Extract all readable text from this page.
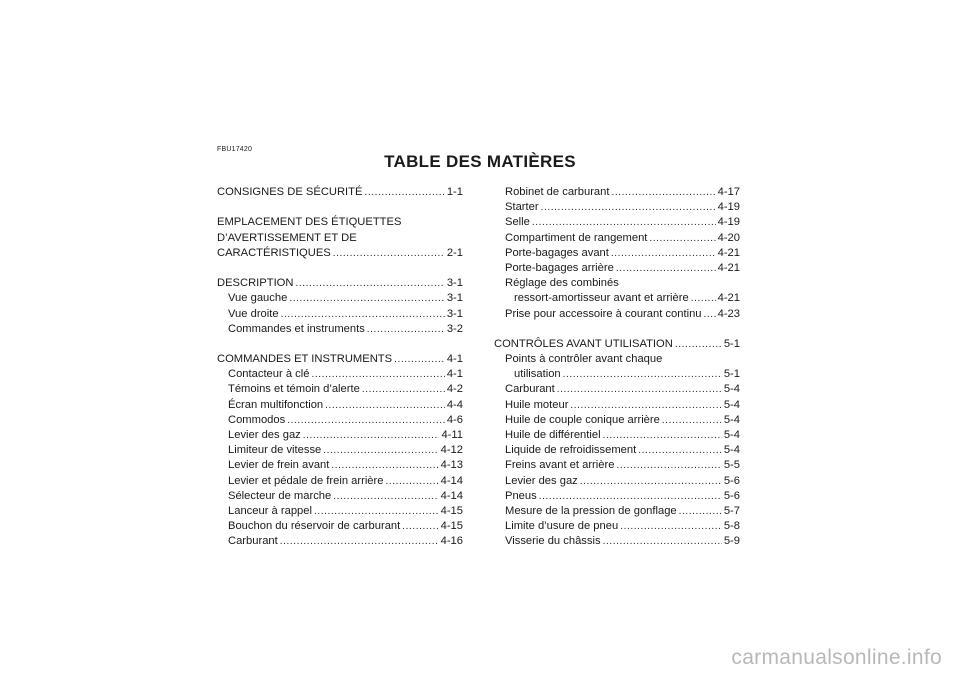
FBU17420
TABLE DES MATIÈRES
CONSIGNES DE SÉCURITÉ .....	1-1
EMPLACEMENT DES ÉTIQUETTES
D’AVERTISSEMENT ET DE
CARACTÉRISTIQUES .....	2-1
DESCRIPTION .....	3-1
Vue gauche .....	3-1
Vue droite .....	3-1
Commandes et instruments .....	3-2
COMMANDES ET INSTRUMENTS .....	4-1
Contacteur à clé .....	4-1
Témoins et témoin d’alerte .....	4-2
Écran multifonction .....	4-4
Commodos .....	4-6
Levier des gaz .....	4-11
Limiteur de vitesse .....	4-12
Levier de frein avant .....	4-13
Levier et pédale de frein arrière .....	4-14
Sélecteur de marche .....	4-14
Lanceur à rappel .....	4-15
Bouchon du réservoir de carburant .....	4-15
Carburant .....	4-16
Robinet de carburant .....	4-17
Starter .....	4-19
Selle .....	4-19
Compartiment de rangement .....	4-20
Porte-bagages avant .....	4-21
Porte-bagages arrière .....	4-21
Réglage des combinés
ressort-amortisseur avant et arrière .....	4-21
Prise pour accessoire à courant continu ..... 4-23
CONTRÔLES AVANT UTILISATION .....	5-1
Points à contrôler avant chaque
utilisation .....	5-1
Carburant .....	5-4
Huile moteur .....	5-4
Huile de couple conique arrière .....	5-4
Huile de différentiel .....	5-4
Liquide de refroidissement .....	5-4
Freins avant et arrière .....	5-5
Levier des gaz .....	5-6
Pneus .....	5-6
Mesure de la pression de gonflage .....	5-7
Limite d’usure de pneu .....	5-8
Visserie du châssis .....	5-9
carmanualsonline.info
